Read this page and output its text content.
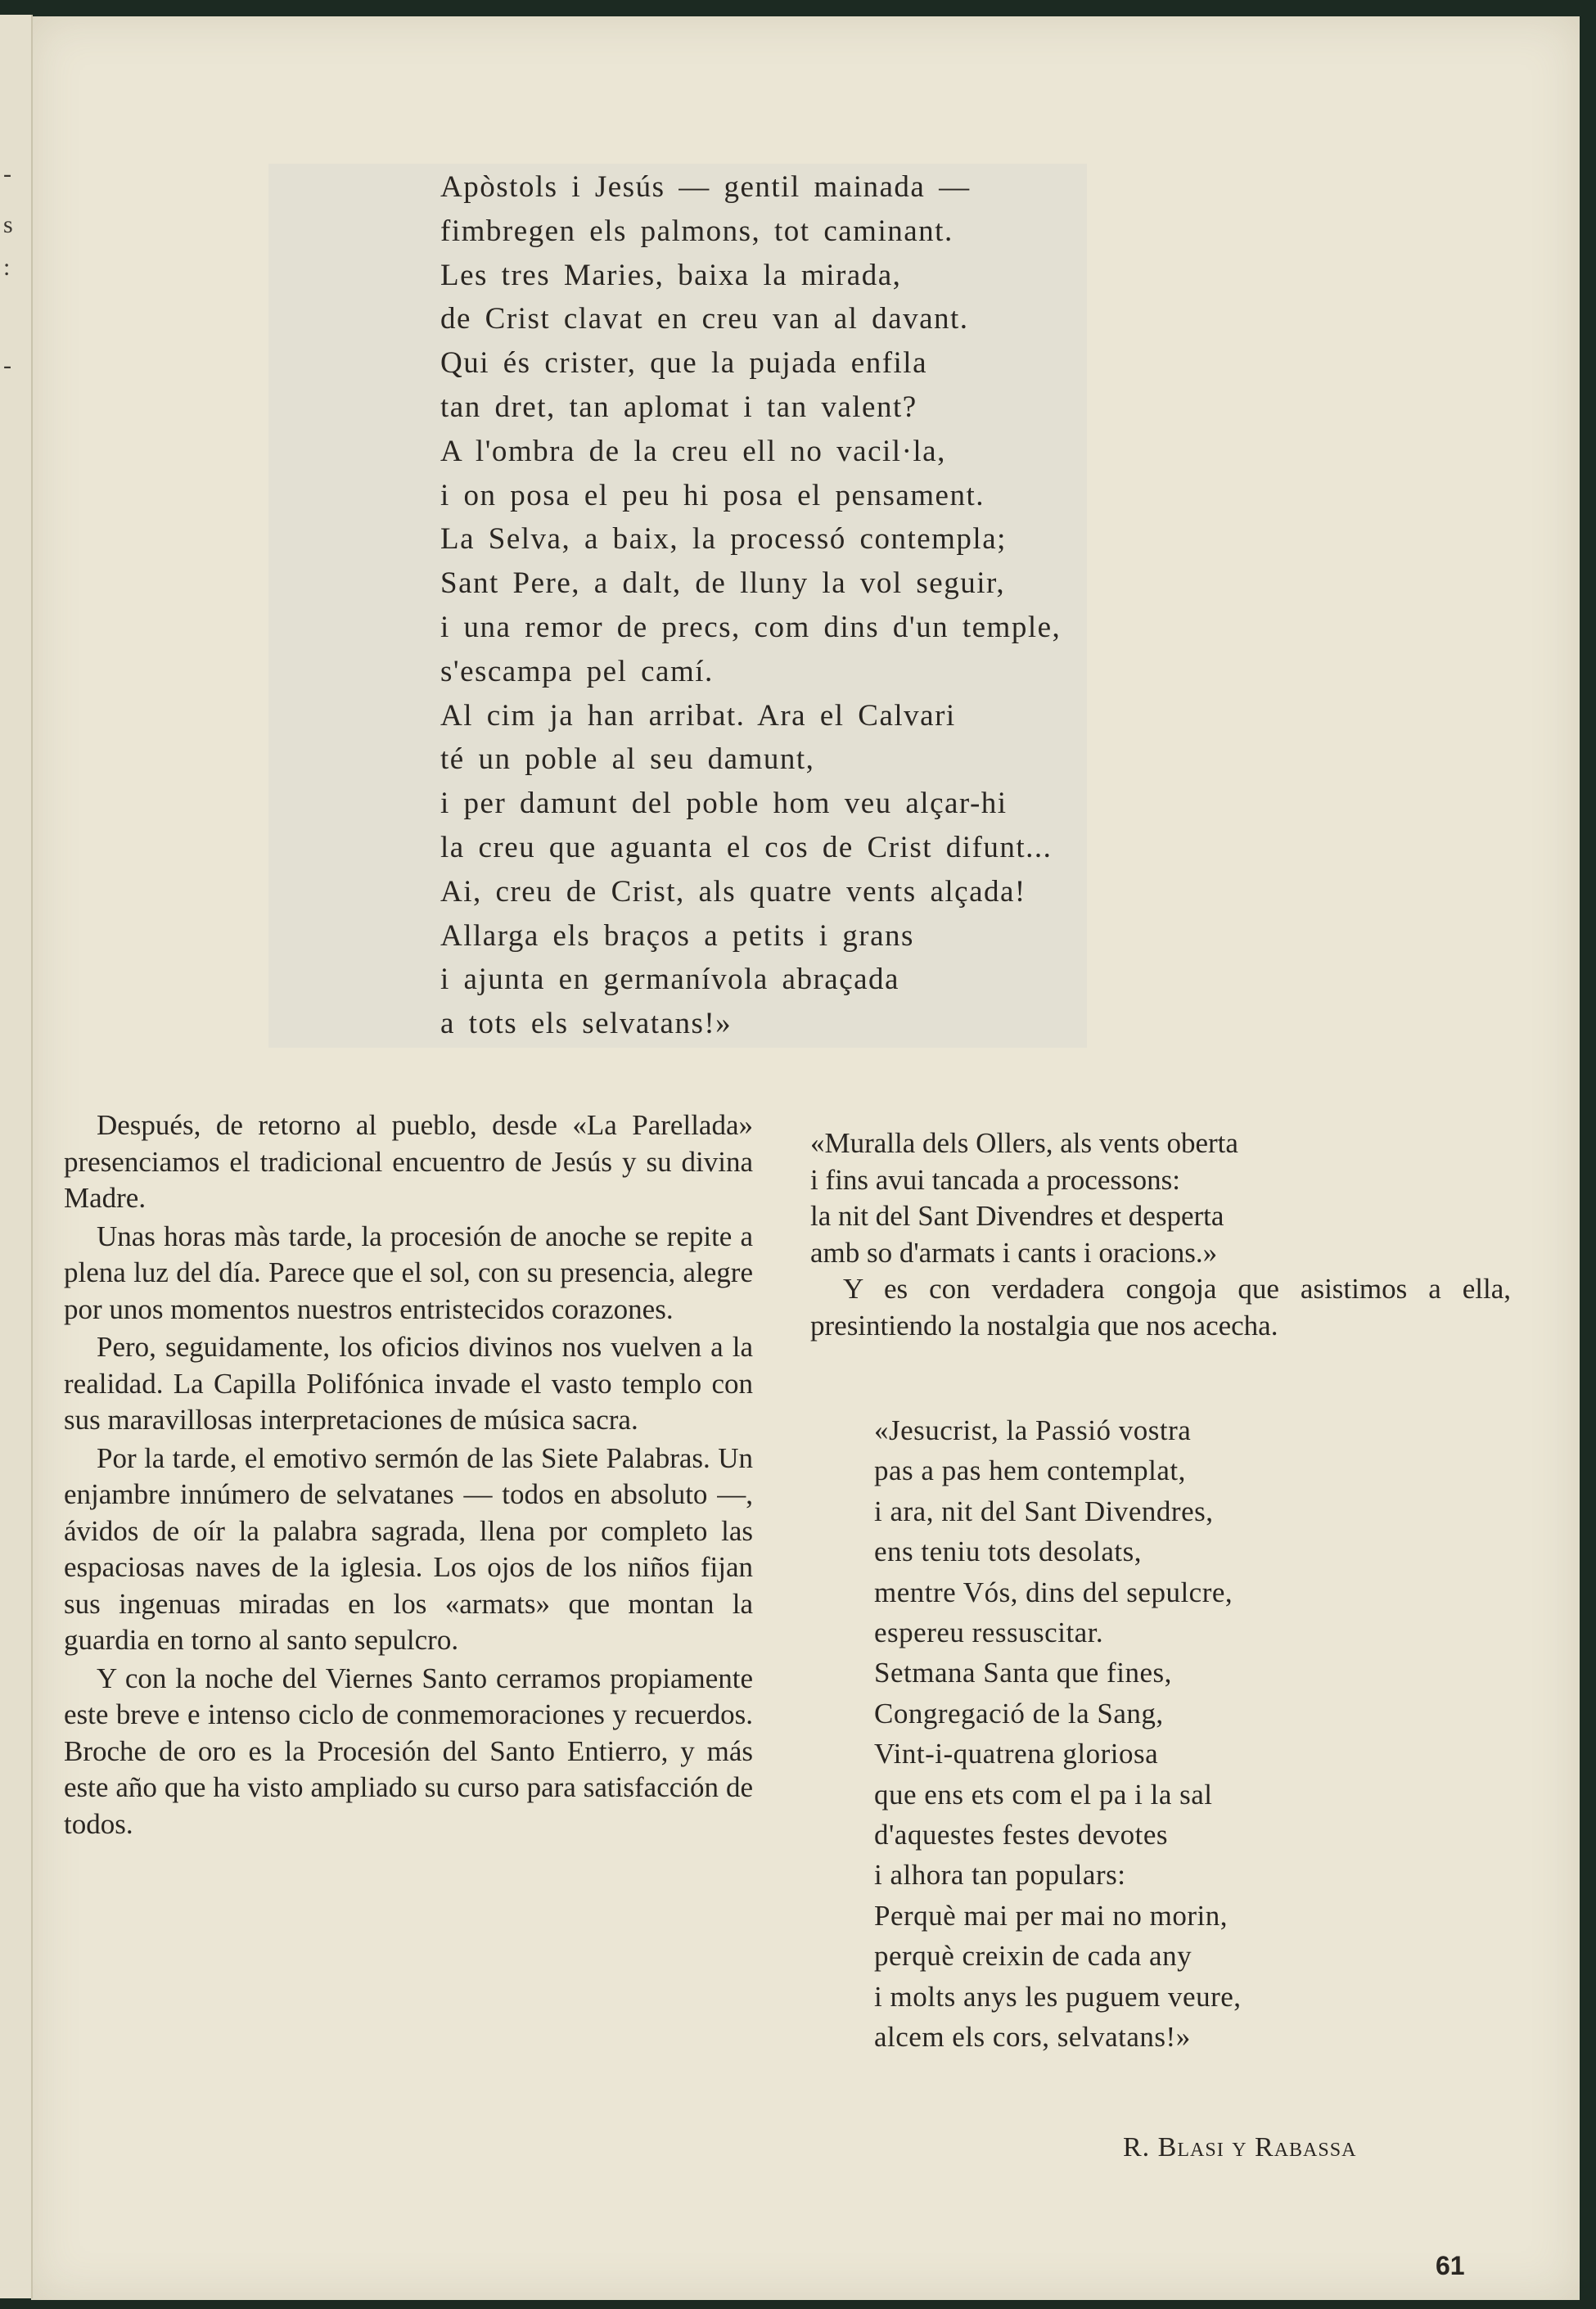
Apòstols i Jesús — gentil mainada —
fimbregen els palmons, tot caminant.
Les tres Maries, baixa la mirada,
de Crist clavat en creu van al davant.
Qui és crister, que la pujada enfila
tan dret, tan aplomat i tan valent?
A l'ombra de la creu ell no vacil·la,
i on posa el peu hi posa el pensament.
La Selva, a baix, la processó contempla;
Sant Pere, a dalt, de lluny la vol seguir,
i una remor de precs, com dins d'un temple,
s'escampa pel camí.
Al cim ja han arribat. Ara el Calvari
té un poble al seu damunt,
i per damunt del poble hom veu alçar-hi
la creu que aguanta el cos de Crist difunt...
Ai, creu de Crist, als quatre vents alçada!
Allarga els braços a petits i grans
i ajunta en germanívola abraçada
a tots els selvatans!»

Después, de retorno al pueblo, desde «La Parellada» presenciamos el tradicional encuentro de Jesús y su divina Madre.

Unas horas màs tarde, la procesión de anoche se repite a plena luz del día. Parece que el sol, con su presencia, alegre por unos momentos nuestros entristecidos corazones.

Pero, seguidamente, los oficios divinos nos vuelven a la realidad. La Capilla Polifónica invade el vasto templo con sus maravillosas interpretaciones de música sacra.

Por la tarde, el emotivo sermón de las Siete Palabras. Un enjambre innúmero de selvatanes — todos en absoluto —, ávidos de oír la palabra sagrada, llena por completo las espaciosas naves de la iglesia. Los ojos de los niños fijan sus ingenuas miradas en los «armats» que montan la guardia en torno al santo sepulcro.

Y con la noche del Viernes Santo cerramos propiamente este breve e intenso ciclo de conmemoraciones y recuerdos. Broche de oro es la Procesión del Santo Entierro, y más este año que ha visto ampliado su curso para satisfacción de todos.

«Muralla dels Ollers, als vents oberta
i fins avui tancada a processons:
la nit del Sant Divendres et desperta
amb so d'armats i cants i oracions.»

Y es con verdadera congoja que asistimos a ella, presintiendo la nostalgia que nos acecha.

«Jesucrist, la Passió vostra
pas a pas hem contemplat,
i ara, nit del Sant Divendres,
ens teniu tots desolats,
mentre Vós, dins del sepulcre,
espereu ressuscitar.
Setmana Santa que fines,
Congregació de la Sang,
Vint-i-quatrena gloriosa
que ens ets com el pa i la sal
d'aquestes festes devotes
i alhora tan populars:
Perquè mai per mai no morin,
perquè creixin de cada any
i molts anys les puguem veure,
alcem els cors, selvatans!»
R. Blasi y Rabassa
61
-
s
:
-
